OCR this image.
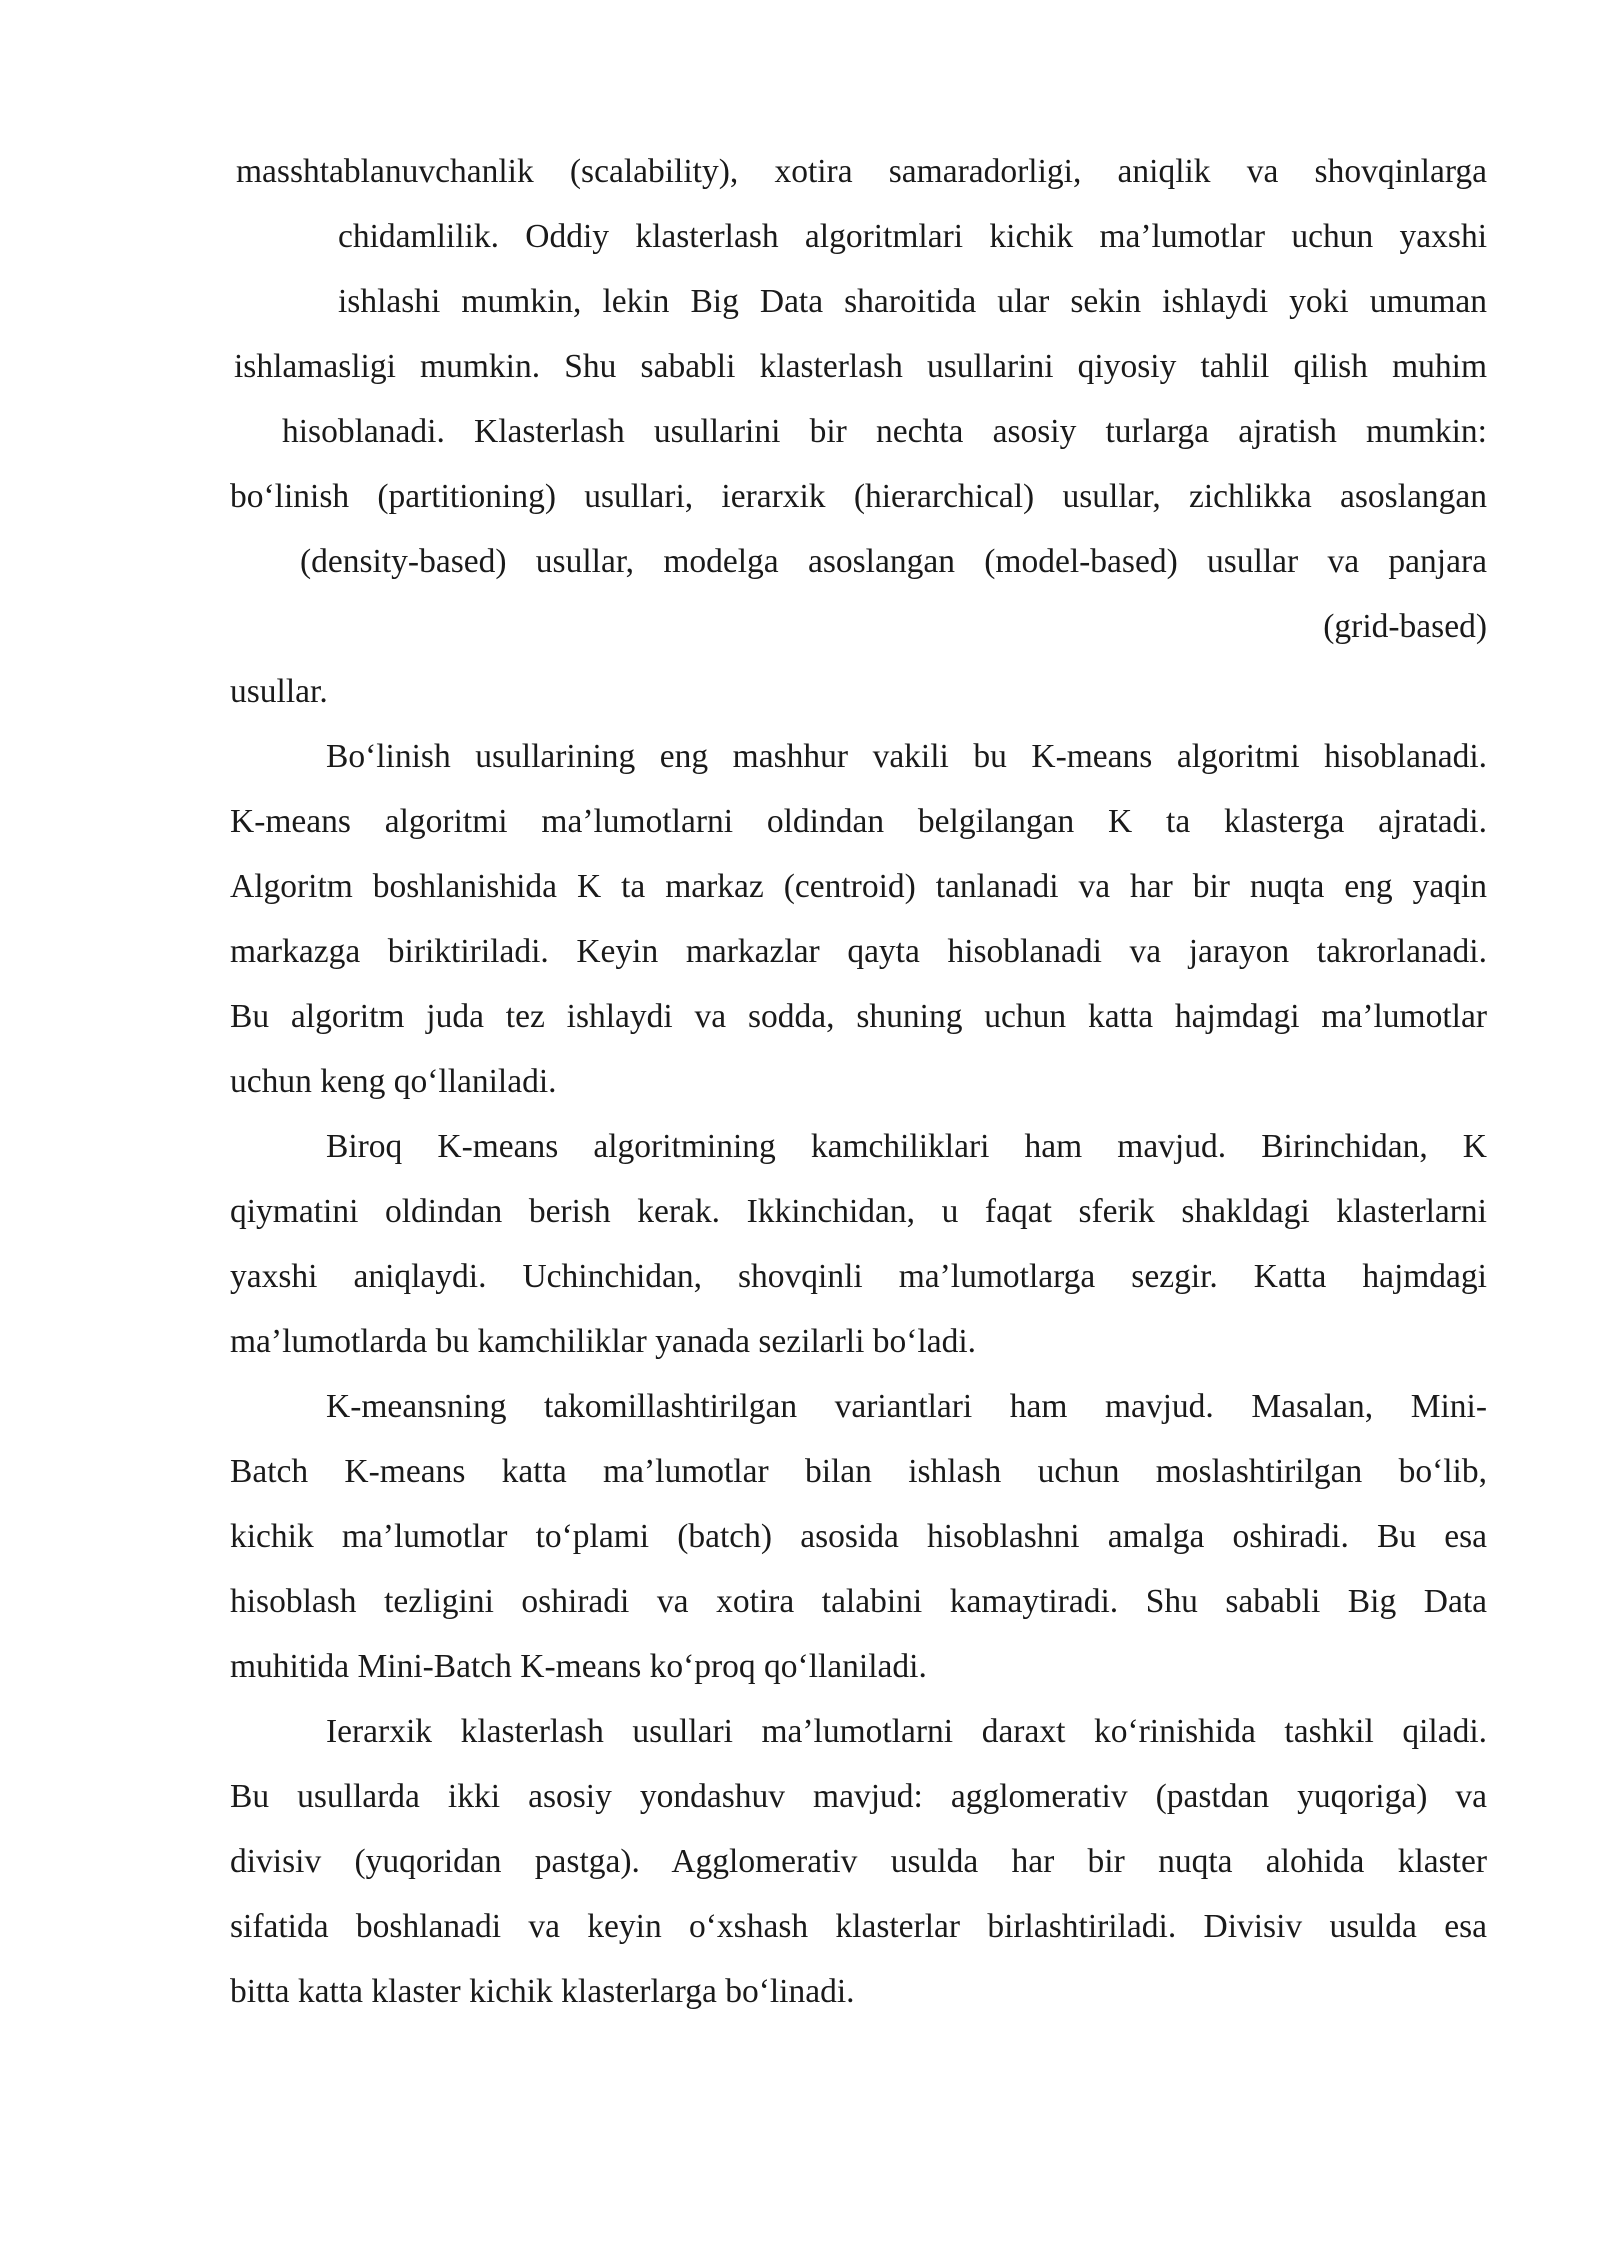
masshtablanuvchanlik (scalability), xotira samaradorligi, aniqlik va shovqinlarga
chidamlilik. Oddiy klasterlash algoritmlari kichik ma’lumotlar uchun yaxshi
ishlashi mumkin, lekin Big Data sharoitida ular sekin ishlaydi yoki umuman
ishlamasligi mumkin. Shu sababli klasterlash usullarini qiyosiy tahlil qilish muhim
hisoblanadi. Klasterlash usullarini bir nechta asosiy turlarga ajratish mumkin:
bo‘linish (partitioning) usullari, ierarxik (hierarchical) usullar, zichlikka asoslangan
(density-based) usullar, modelga asoslangan (model-based) usullar va panjara
(grid-based)
usullar.
Bo‘linish usullarining eng mashhur vakili bu K-means algoritmi hisoblanadi.
K-means algoritmi ma’lumotlarni oldindan belgilangan K ta klasterga ajratadi.
Algoritm boshlanishida K ta markaz (centroid) tanlanadi va har bir nuqta eng yaqin
markazga biriktiriladi. Keyin markazlar qayta hisoblanadi va jarayon takrorlanadi.
Bu algoritm juda tez ishlaydi va sodda, shuning uchun katta hajmdagi ma’lumotlar
uchun keng qo‘llaniladi.
Biroq K-means algoritmining kamchiliklari ham mavjud. Birinchidan, K
qiymatini oldindan berish kerak. Ikkinchidan, u faqat sferik shakldagi klasterlarni
yaxshi aniqlaydi. Uchinchidan, shovqinli ma’lumotlarga sezgir. Katta hajmdagi
ma’lumotlarda bu kamchiliklar yanada sezilarli bo‘ladi.
K-meansning takomillashtirilgan variantlari ham mavjud. Masalan, Mini-
Batch K-means katta ma’lumotlar bilan ishlash uchun moslashtirilgan bo‘lib,
kichik ma’lumotlar to‘plami (batch) asosida hisoblashni amalga oshiradi. Bu esa
hisoblash tezligini oshiradi va xotira talabini kamaytiradi. Shu sababli Big Data
muhitida Mini-Batch K-means ko‘proq qo‘llaniladi.
Ierarxik klasterlash usullari ma’lumotlarni daraxt ko‘rinishida tashkil qiladi.
Bu usullarda ikki asosiy yondashuv mavjud: agglomerativ (pastdan yuqoriga) va
divisiv (yuqoridan pastga). Agglomerativ usulda har bir nuqta alohida klaster
sifatida boshlanadi va keyin o‘xshash klasterlar birlashtiriladi. Divisiv usulda esa
bitta katta klaster kichik klasterlarga bo‘linadi.
